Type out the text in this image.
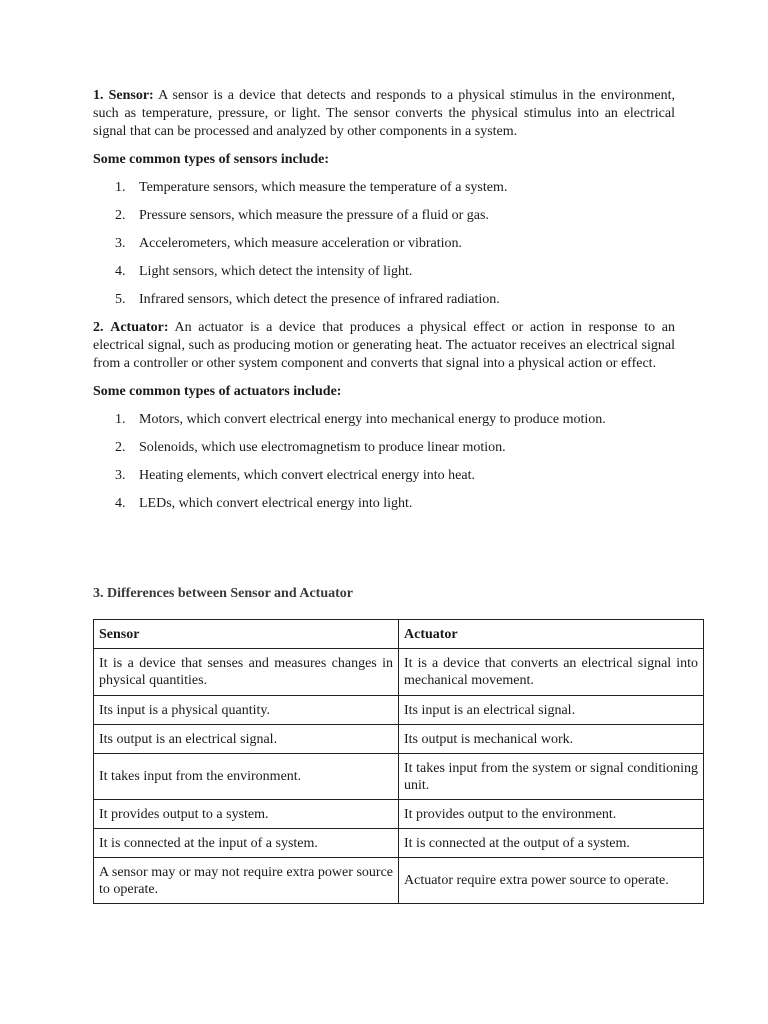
1. Sensor: A sensor is a device that detects and responds to a physical stimulus in the environment, such as temperature, pressure, or light. The sensor converts the physical stimulus into an electrical signal that can be processed and analyzed by other components in a system.

Some common types of sensors include:

1. Temperature sensors, which measure the temperature of a system.
2. Pressure sensors, which measure the pressure of a fluid or gas.
3. Accelerometers, which measure acceleration or vibration.
4. Light sensors, which detect the intensity of light.
5. Infrared sensors, which detect the presence of infrared radiation.

2. Actuator: An actuator is a device that produces a physical effect or action in response to an electrical signal, such as producing motion or generating heat. The actuator receives an electrical signal from a controller or other system component and converts that signal into a physical action or effect.

Some common types of actuators include:

1. Motors, which convert electrical energy into mechanical energy to produce motion.
2. Solenoids, which use electromagnetism to produce linear motion.
3. Heating elements, which convert electrical energy into heat.
4. LEDs, which convert electrical energy into light.
3. Differences between Sensor and Actuator
Sensor	Actuator
It is a device that senses and measures changes in physical quantities.	It is a device that converts an electrical signal into mechanical movement.
Its input is a physical quantity.	Its input is an electrical signal.
Its output is an electrical signal.	Its output is mechanical work.
It takes input from the environment.	It takes input from the system or signal conditioning unit.
It provides output to a system.	It provides output to the environment.
It is connected at the input of a system.	It is connected at the output of a system.
A sensor may or may not require extra power source to operate.	Actuator require extra power source to operate.
